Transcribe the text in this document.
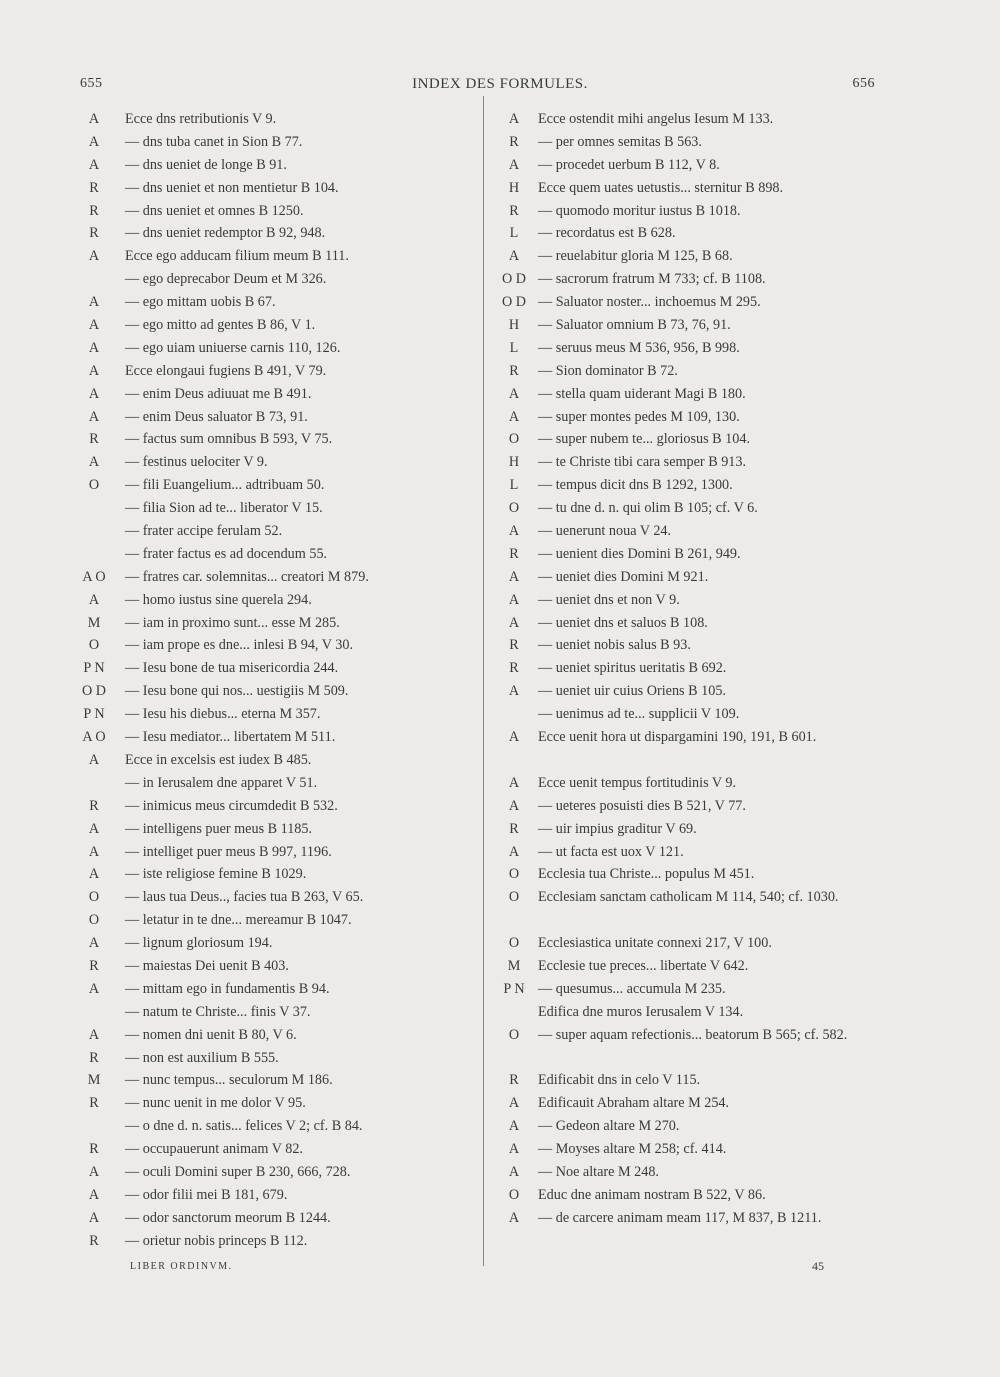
655	INDEX DES FORMULES.	656
A	Ecce dns retributionis V 9.
A	— dns tuba canet in Sion B 77.
A	— dns ueniet de longe B 91.
R	— dns ueniet et non mentietur B 104.
R	— dns ueniet et omnes B 1250.
R	— dns ueniet redemptor B 92, 948.
A	Ecce ego adducam filium meum B 111.
— ego deprecabor Deum et M 326.
A	— ego mittam uobis B 67.
A	— ego mitto ad gentes B 86, V 1.
A	— ego uiam uniuerse carnis 110, 126.
A	Ecce elongaui fugiens B 491, V 79.
A	— enim Deus adiuuat me B 491.
A	— enim Deus saluator B 73, 91.
R	— factus sum omnibus B 593, V 75.
A	— festinus uelociter V 9.
O	— fili Euangelium... adtribuam 50.
— filia Sion ad te... liberator V 15.
— frater accipe ferulam 52.
— frater factus es ad docendum 55.
A O	— fratres car. solemnitas... creatori M 879.
A	— homo iustus sine querela 294.
M	— iam in proximo sunt... esse M 285.
O	— iam prope es dne... inlesi B 94, V 30.
P N	— Iesu bone de tua misericordia 244.
O D	— Iesu bone qui nos... uestigiis M 509.
P N	— Iesu his diebus... eterna M 357.
A O	— Iesu mediator... libertatem M 511.
A	Ecce in excelsis est iudex B 485.
— in Ierusalem dne apparet V 51.
R	— inimicus meus circumdedit B 532.
A	— intelligens puer meus B 1185.
A	— intelliget puer meus B 997, 1196.
A	— iste religiose femine B 1029.
O	— laus tua Deus.., facies tua B 263, V 65.
O	— letatur in te dne... mereamur B 1047.
A	— lignum gloriosum 194.
R	— maiestas Dei uenit B 403.
A	— mittam ego in fundamentis B 94.
— natum te Christe... finis V 37.
A	— nomen dni uenit B 80, V 6.
R	— non est auxilium B 555.
M	— nunc tempus... seculorum M 186.
R	— nunc uenit in me dolor V 95.
— o dne d. n. satis... felices V 2; cf. B 84.
R	— occupauerunt animam V 82.
A	— oculi Domini super B 230, 666, 728.
A	— odor filii mei B 181, 679.
A	— odor sanctorum meorum B 1244.
R	— orietur nobis princeps B 112.
A	Ecce ostendit mihi angelus Iesum M 133.
R	— per omnes semitas B 563.
A	— procedet uerbum B 112, V 8.
H	Ecce quem uates uetustis... sternitur B 898.
R	— quomodo moritur iustus B 1018.
L	— recordatus est B 628.
A	— reuelabitur gloria M 125, B 68.
O D — sacrorum fratrum M 733; cf. B 1108.
O D — Saluator noster... inchoemus M 295.
H	— Saluator omnium B 73, 76, 91.
L	— seruus meus M 536, 956, B 998.
R	— Sion dominator B 72.
A	— stella quam uiderant Magi B 180.
A	— super montes pedes M 109, 130.
O	— super nubem te... gloriosus B 104.
H	— te Christe tibi cara semper B 913.
L	— tempus dicit dns B 1292, 1300.
O	— tu dne d. n. qui olim B 105; cf. V 6.
A	— uenerunt noua V 24.
R	— uenient dies Domini B 261, 949.
A	— ueniet dies Domini M 921.
A	— ueniet dns et non V 9.
A	— ueniet dns et saluos B 108.
R	— ueniet nobis salus B 93.
R	— ueniet spiritus ueritatis B 692.
A	— ueniet uir cuius Oriens B 105.
— uenimus ad te... supplicii V 109.
A	Ecce uenit hora ut dispargamini 190, 191, B 601.
A	Ecce uenit tempus fortitudinis V 9.
A	— ueteres posuisti dies B 521, V 77.
R	— uir impius graditur V 69.
A	— ut facta est uox V 121.
O	Ecclesia tua Christe... populus M 451.
O	Ecclesiam sanctam catholicam M 114, 540; cf. 1030.
O	Ecclesiastica unitate connexi 217, V 100.
M	Ecclesie tue preces... libertate V 642.
P N — quesumus... accumula M 235.
Edifica dne muros Ierusalem V 134.
O	— super aquam refectionis... beatorum B 565; cf. 582.
R	Edificabit dns in celo V 115.
A	Edificauit Abraham altare M 254.
A	— Gedeon altare M 270.
A	— Moyses altare M 258; cf. 414.
A	— Noe altare M 248.
O	Educ dne animam nostram B 522, V 86.
A	— de carcere animam meam 117, M 837, B 1211.
LIBER ORDINVM.	45
